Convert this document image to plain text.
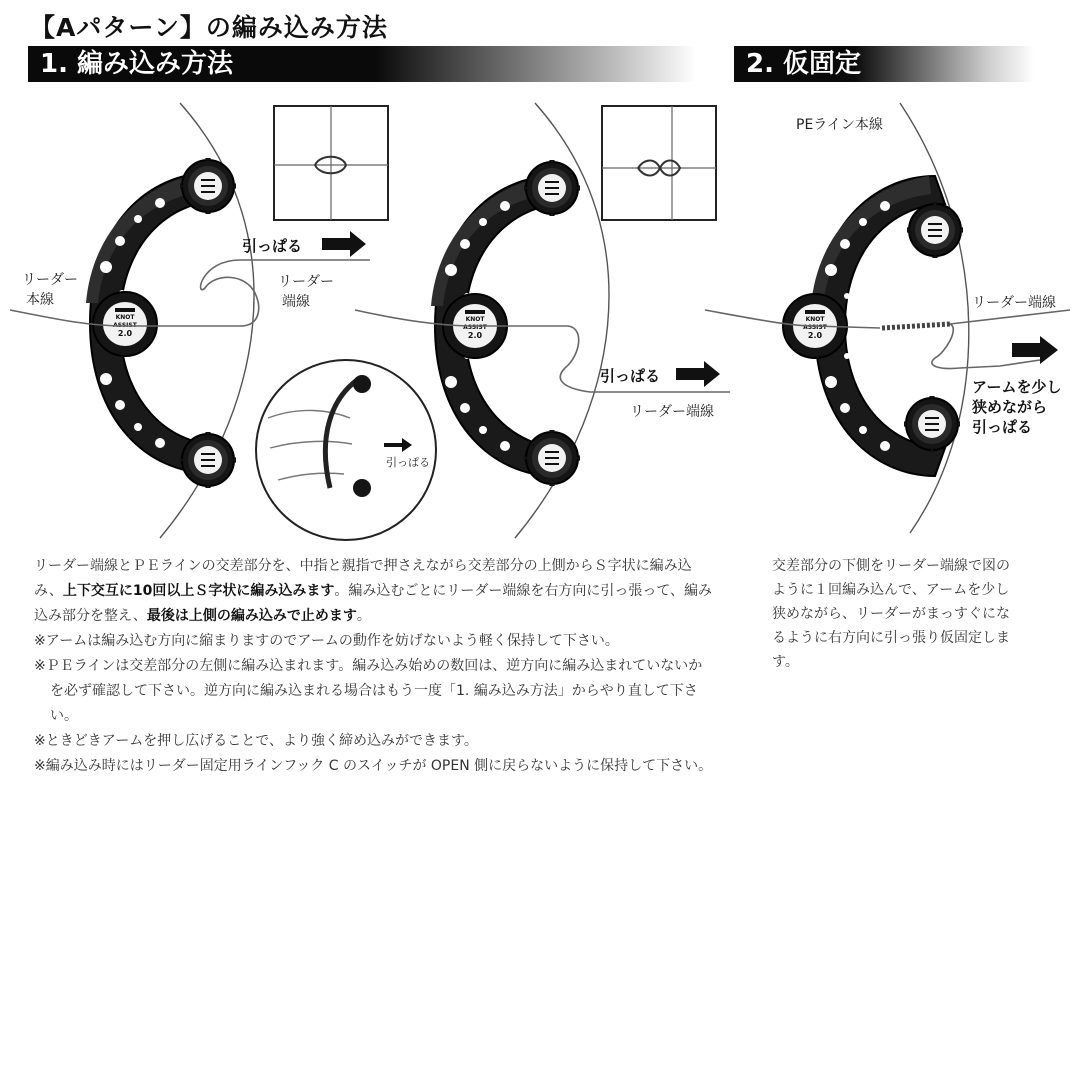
【Aパターン】の編み込み方法
1. 編み込み方法	2. 仮固定
KNOT
ASSIST
2.0
引っぱる
リーダー
本線
リーダー
端線
引っぱる
KNOT
ASSIST
2.0
引っぱる
リーダー端線
PEライン本線
KNOT
ASSIST
2.0
リーダー端線
アームを少し
狭めながら
引っぱる

リーダー端線とＰＥラインの交差部分を、中指と親指で押さえながら交差部分の上側からＳ字状に編み込み、上下交互に10回以上Ｓ字状に編み込みます。編み込むごとにリーダー端線を右方向に引っ張って、編み込み部分を整え、最後は上側の編み込みで止めます。

※アームは編み込む方向に縮まりますのでアームの動作を妨げないよう軽く保持して下さい。

※ＰＥラインは交差部分の左側に編み込まれます。編み込み始めの数回は、逆方向に編み込まれていないかを必ず確認して下さい。逆方向に編み込まれる場合はもう一度「1. 編み込み方法」からやり直して下さい。

※ときどきアームを押し広げることで、より強く締め込みができます。

※編み込み時にはリーダー固定用ラインフック C のスイッチが OPEN 側に戻らないように保持して下さい。

交差部分の下側をリーダー端線で図のように１回編み込んで、アームを少し狭めながら、リーダーがまっすぐになるように右方向に引っ張り仮固定します。
